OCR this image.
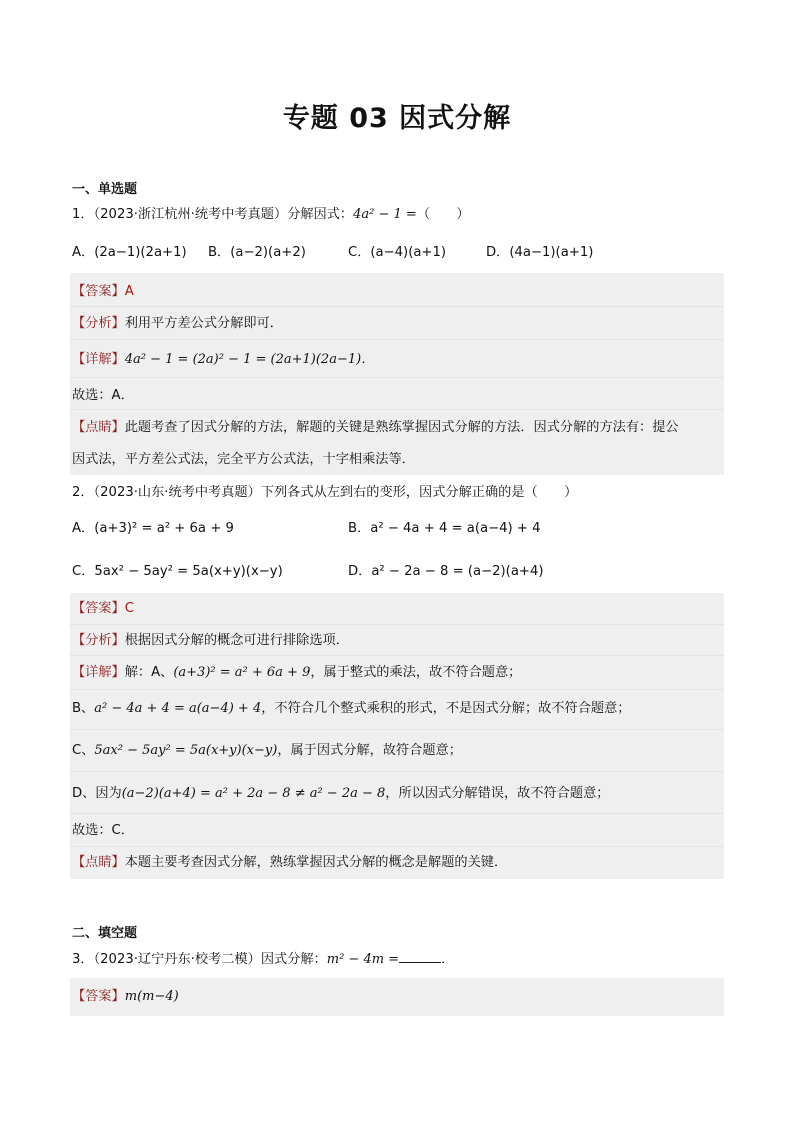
专题 03 因式分解
一、单选题
1．（2023·浙江杭州·统考中考真题）分解因式：4a² − 1 =（　　）
A．(2a−1)(2a+1) B．(a−2)(a+2)	C．(a−4)(a+1)	D．(4a−1)(a+1)
【答案】A
【分析】利用平方差公式分解即可．
【详解】4a² − 1 = (2a)² − 1 = (2a+1)(2a−1)．
故选：A．
【点睛】此题考查了因式分解的方法，解题的关键是熟练掌握因式分解的方法．因式分解的方法有：提公
因式法，平方差公式法，完全平方公式法，十字相乘法等．
2．（2023·山东·统考中考真题）下列各式从左到右的变形，因式分解正确的是（　　）
A．(a+3)² = a² + 6a + 9	B．a² − 4a + 4 = a(a−4) + 4
C．5ax² − 5ay² = 5a(x+y)(x−y)	D．a² − 2a − 8 = (a−2)(a+4)
【答案】C
【分析】根据因式分解的概念可进行排除选项．
【详解】解：A、(a+3)² = a² + 6a + 9，属于整式的乘法，故不符合题意；
B、a² − 4a + 4 = a(a−4) + 4，不符合几个整式乘积的形式，不是因式分解；故不符合题意；
C、5ax² − 5ay² = 5a(x+y)(x−y)，属于因式分解，故符合题意；
D、因为(a−2)(a+4) = a² + 2a − 8 ≠ a² − 2a − 8，所以因式分解错误，故不符合题意；
故选：C．
【点睛】本题主要考查因式分解，熟练掌握因式分解的概念是解题的关键．
二、填空题
3．（2023·辽宁丹东·校考二模）因式分解：m² − 4m =	．
【答案】m(m−4)
